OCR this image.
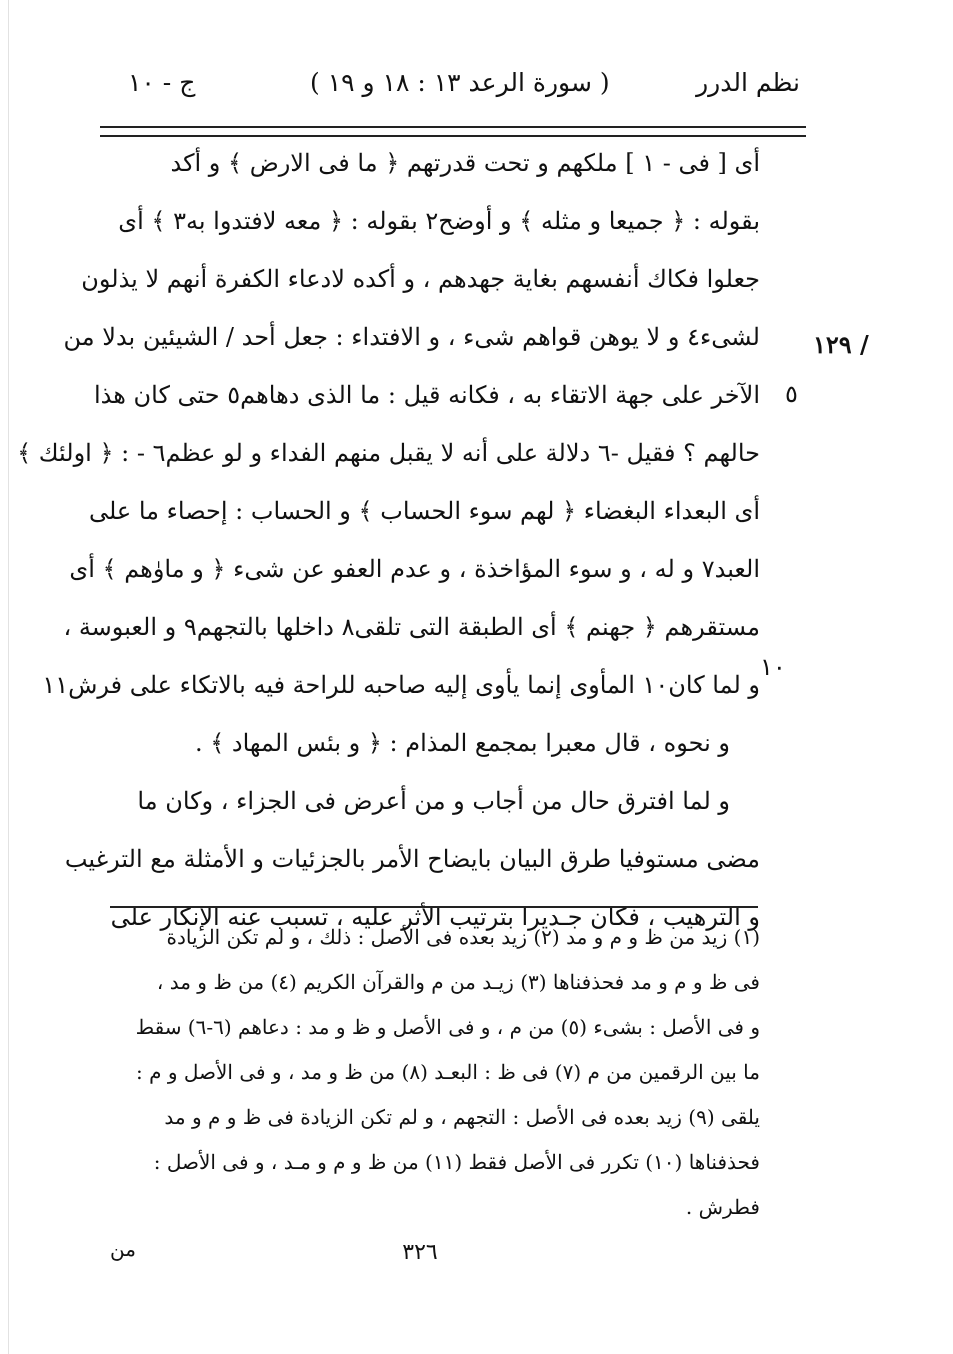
نظم الدرر
( سورة الرعد ١٣ : ١٨ و ١٩ )
ج - ١٠
١٢٩ /
٥
١٠
أى [ فى - ١ ] ملكهم و تحت قدرتهم ﴿ ما فى الارض ﴾ و أكد
بقوله : ﴿ جميعا و مثله ﴾ و أوضح٢ بقوله : ﴿ معه لافتدوا به٣ ﴾ أى
جعلوا فكاك أنفسهم بغاية جهدهم ، و أكده لادعاء الكفرة أنهم لا يذلون
لشىء٤ و لا يوهن قواهم شىء ، و الافتداء : جعل أحد / الشيئين بدلا من
الآخر على جهة الاتقاء به ، فكانه قيل : ما الذى دهاهم٥ حتى كان هذا
حالهم ؟ فقيل -٦ دلالة على أنه لا يقبل منهم الفداء و لو عظم٦ - : ﴿ اولئك ﴾
أى البعداء البغضاء ﴿ لهم سوء الحساب ﴾ و الحساب : إحصاء ما على
العبد٧ و له ، و سوء المؤاخذة ، و عدم العفو عن شىء ﴿ و ماوٰهم ﴾ أى
مستقرهم ﴿ جهنم ﴾ أى الطبقة التى تلقى٨ داخلها بالتجهم٩ و العبوسة ،
و لما كان١٠ المأوى إنما يأوى إليه صاحبه للراحة فيه بالاتكاء على فرش١١
و نحوه ، قال معبرا بمجمع المذام : ﴿ و بئس المهاد ﴾ .
و لما افترق حال من أجاب و من أعرض فى الجزاء ، وكان ما
مضى مستوفيا طرق البيان بايضاح الأمر بالجزئيات و الأمثلة مع الترغيب
و الترهيب ، فكان جـديرا بترتيب الأثر عليه ، تسبب عنه الإنكار على
(١) زيد من ظ و م و مد (٢) زيد بعده فى الأصل : ذلك ، و لم تكن الزيادة
فى ظ و م و مد فحذفناها (٣) زيـد من م والقرآن الكريم (٤) من ظ و مد ،
و فى الأصل : بشىء (٥) من م ، و فى الأصل و ظ و مد : دعاهم (٦-٦) سقط
ما بين الرقمين من م (٧) فى ظ : البعـد (٨) من ظ و مد ، و فى الأصل و م :
يلقى (٩) زيد بعده فى الأصل : التجهم ، و لم تكن الزيادة فى ظ و م و مد
فحذفناها (١٠) تكرر فى الأصل فقط (١١) من ظ و م و مـد ، و فى الأصل :
فطرش .
٣٢٦
من
